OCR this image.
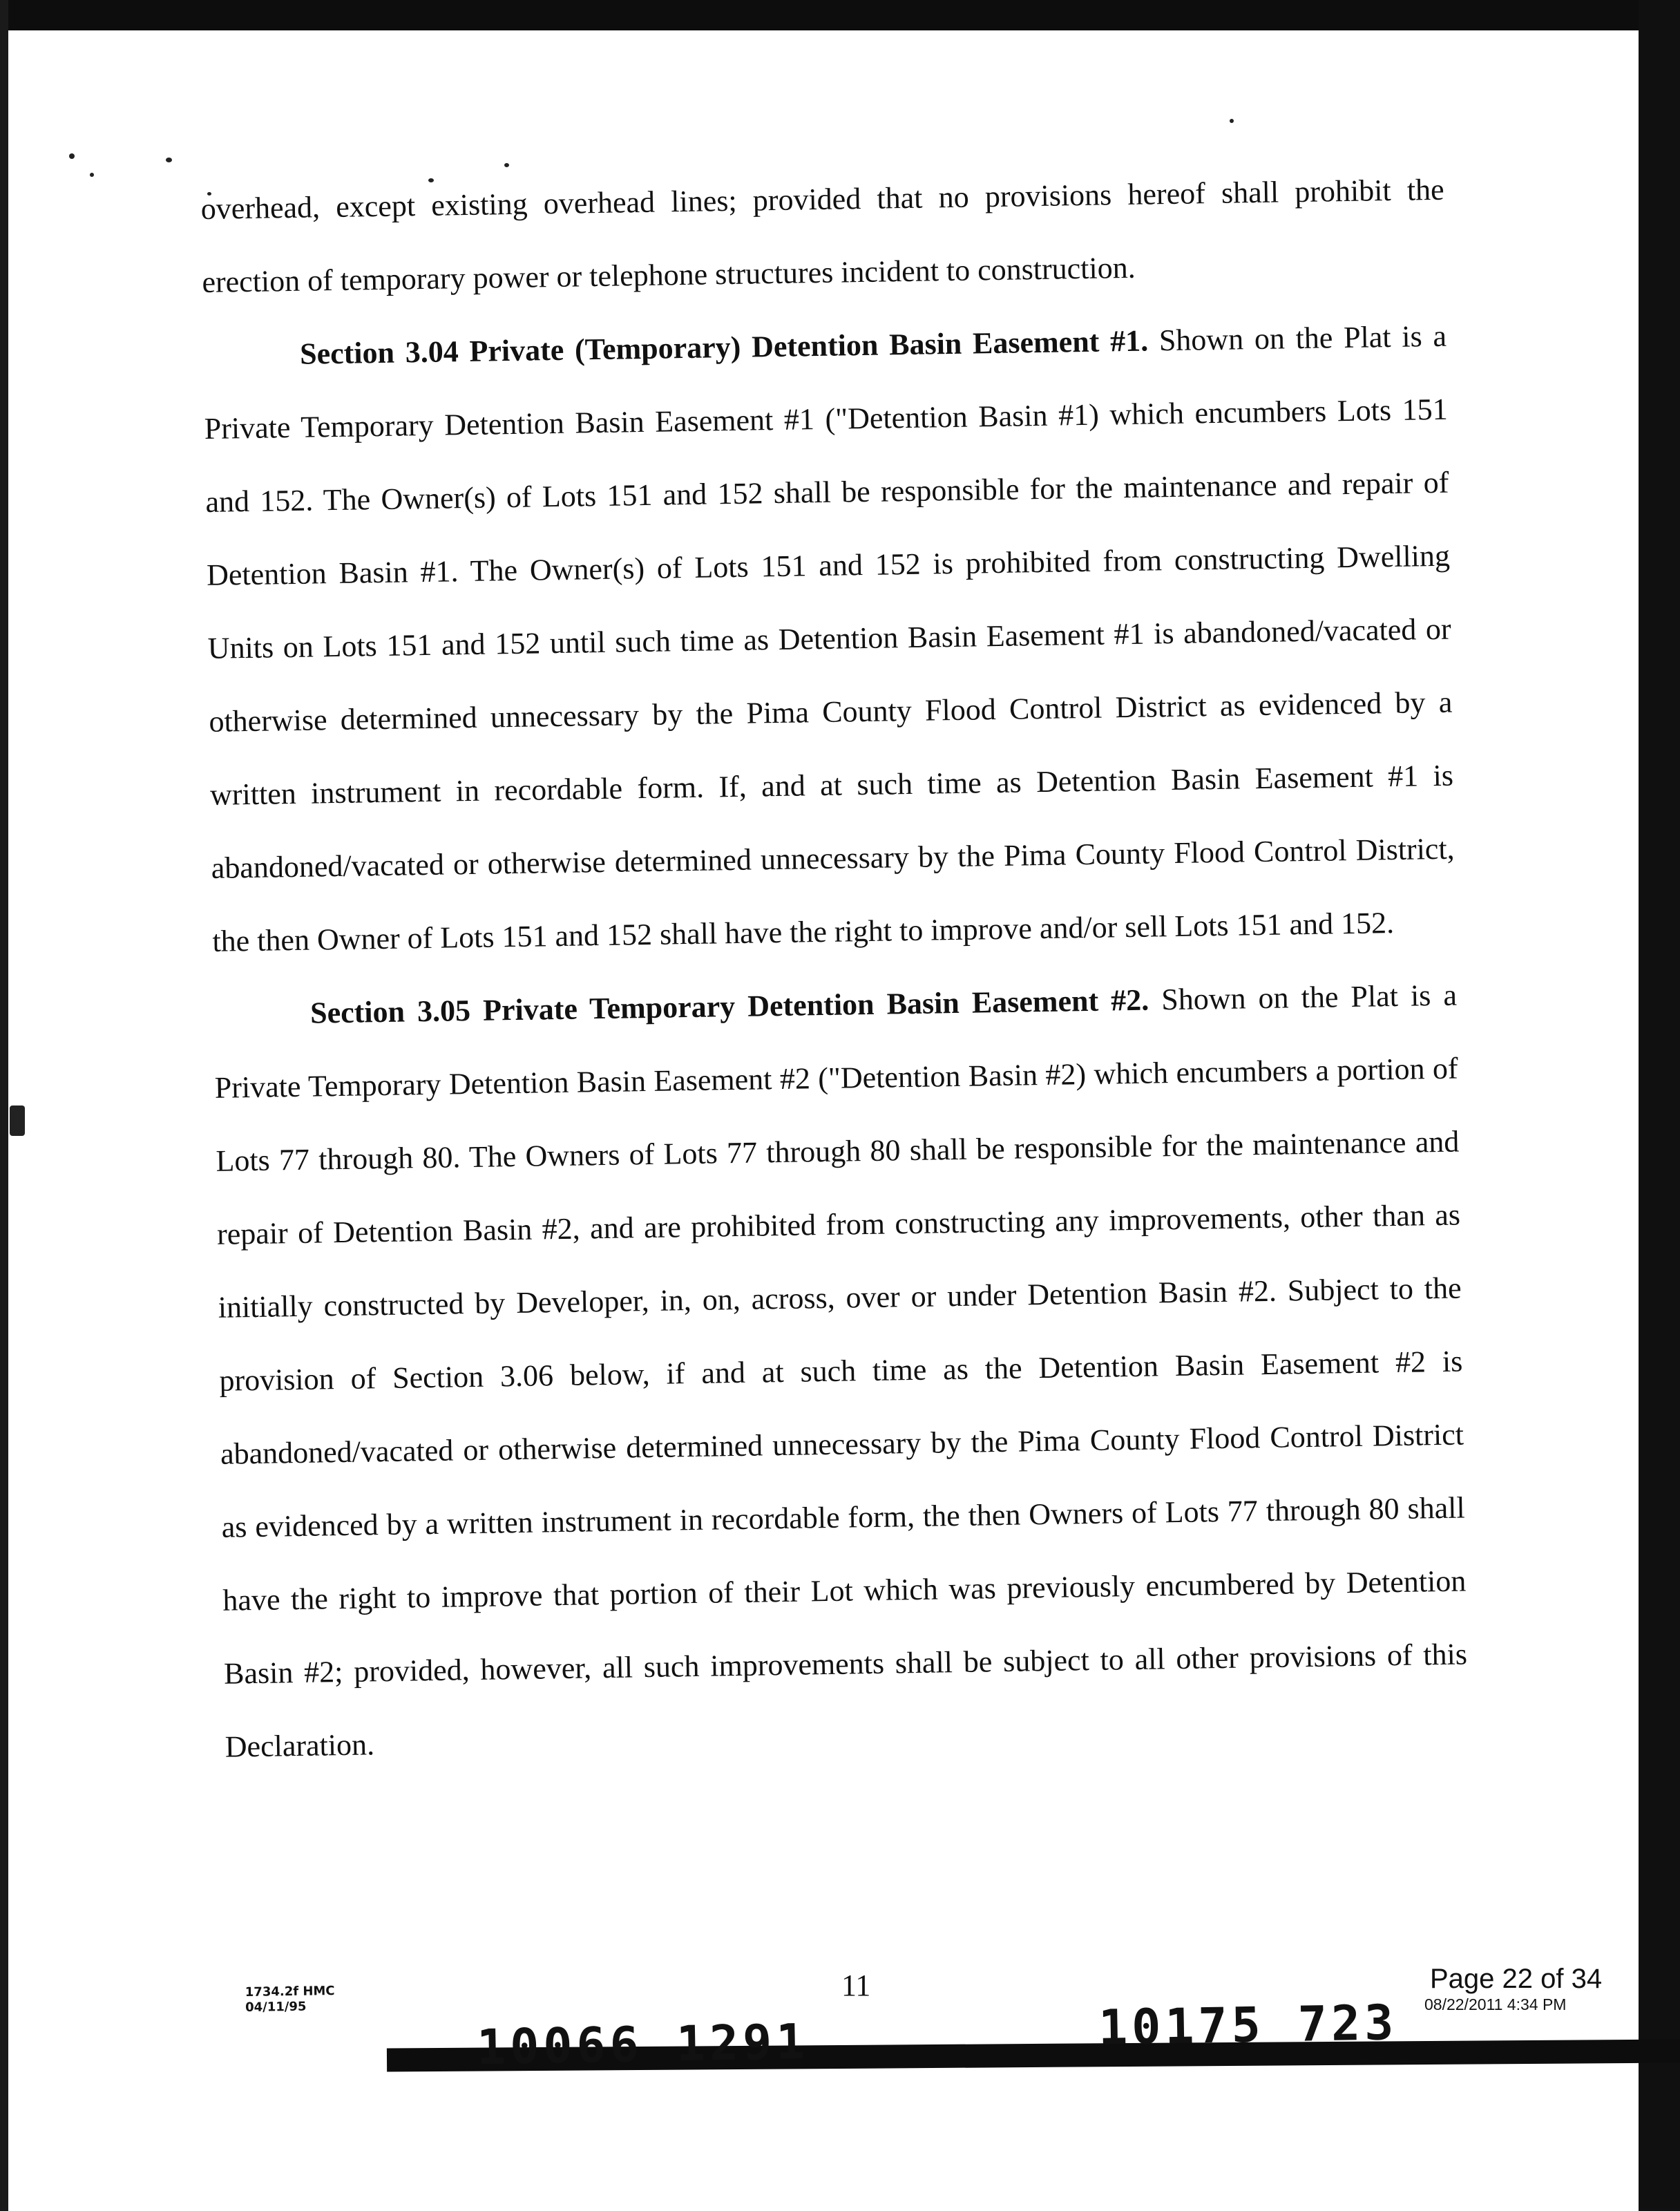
overhead, except existing overhead lines; provided that no provisions hereof shall prohibit the erection of temporary power or telephone structures incident to construction.

Section 3.04 Private (Temporary) Detention Basin Easement #1. Shown on the Plat is a Private Temporary Detention Basin Easement #1 ("Detention Basin #1) which encumbers Lots 151 and 152. The Owner(s) of Lots 151 and 152 shall be responsible for the maintenance and repair of Detention Basin #1. The Owner(s) of Lots 151 and 152 is prohibited from constructing Dwelling Units on Lots 151 and 152 until such time as Detention Basin Easement #1 is abandoned/vacated or otherwise determined unnecessary by the Pima County Flood Control District as evidenced by a written instrument in recordable form. If, and at such time as Detention Basin Easement #1 is abandoned/vacated or otherwise determined unnecessary by the Pima County Flood Control District, the then Owner of Lots 151 and 152 shall have the right to improve and/or sell Lots 151 and 152.

Section 3.05 Private Temporary Detention Basin Easement #2. Shown on the Plat is a Private Temporary Detention Basin Easement #2 ("Detention Basin #2) which encumbers a portion of Lots 77 through 80. The Owners of Lots 77 through 80 shall be responsible for the maintenance and repair of Detention Basin #2, and are prohibited from constructing any improvements, other than as initially constructed by Developer, in, on, across, over or under Detention Basin #2. Subject to the provision of Section 3.06 below, if and at such time as the Detention Basin Easement #2 is abandoned/vacated or otherwise determined unnecessary by the Pima County Flood Control District as evidenced by a written instrument in recordable form, the then Owners of Lots 77 through 80 shall have the right to improve that portion of their Lot which was previously encumbered by Detention Basin #2; provided, however, all such improvements shall be subject to all other provisions of this Declaration.

1734.2f HMC
04/11/95
11	Page 22 of 34
08/22/2011 4:34 PM
10066 1291	10175 723
